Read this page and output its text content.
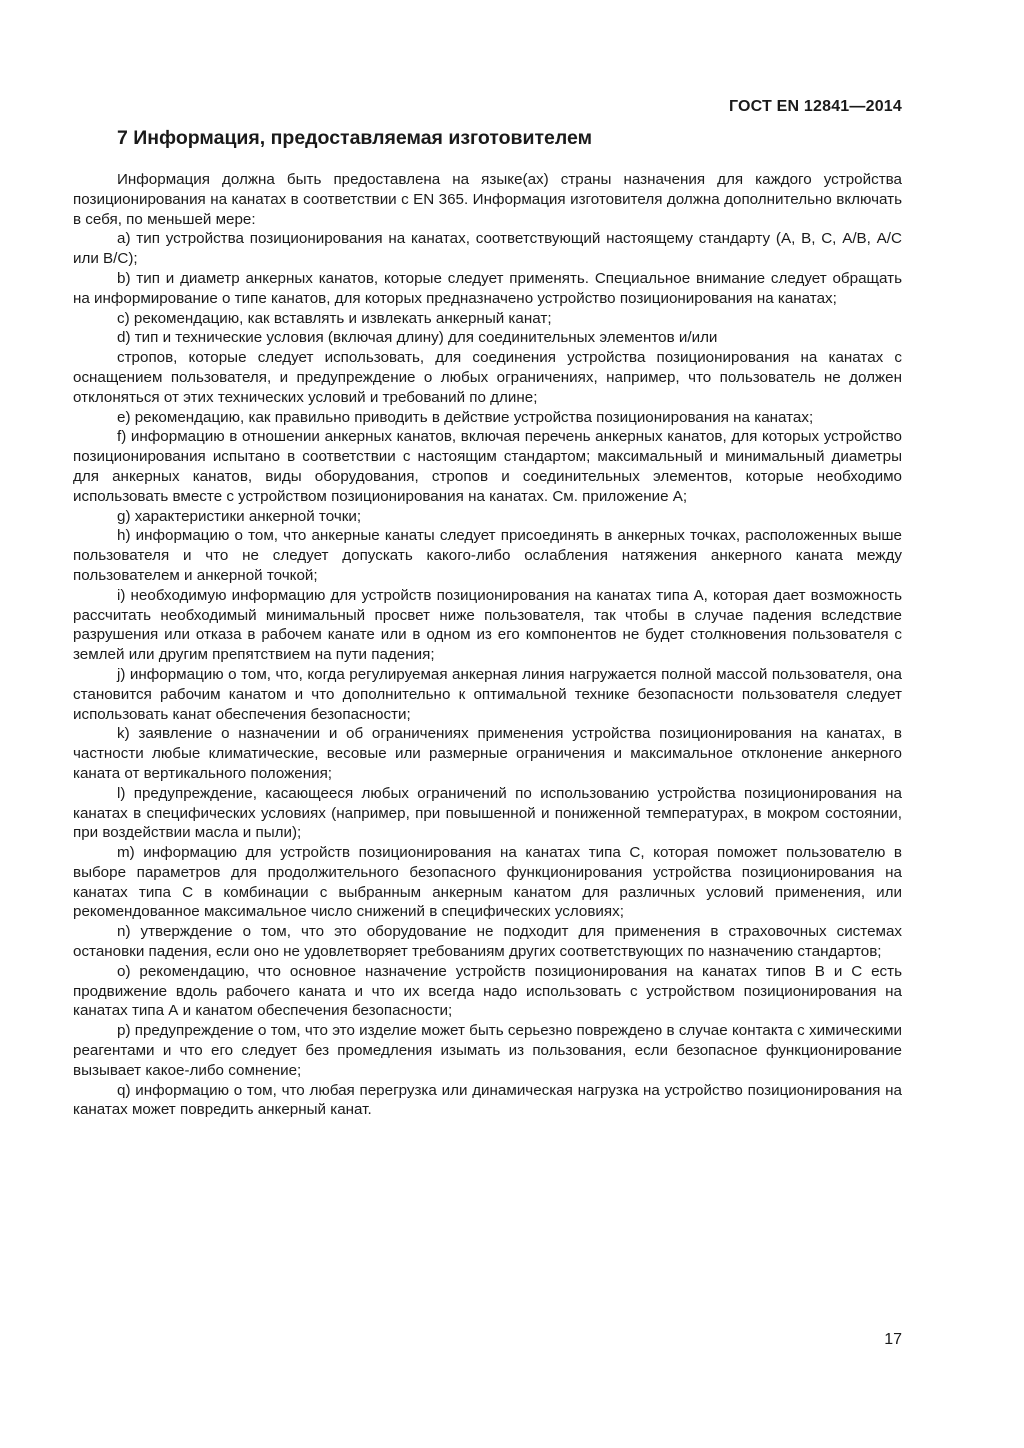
ГОСТ EN 12841—2014
7 Информация, предоставляемая изготовителем

Информация должна быть предоставлена на языке(ах) страны назначения для каждого устройства позиционирования на канатах в соответствии с EN 365. Информация изготовителя должна дополнительно включать в себя, по меньшей мере:

a) тип устройства позиционирования на канатах, соответствующий настоящему стандарту (А, В, С, А/В, А/С или В/С);

b) тип и диаметр анкерных канатов, которые следует применять. Специальное внимание следует обращать на информирование о типе канатов, для которых предназначено устройство позиционирования на канатах;

c) рекомендацию, как вставлять и извлекать анкерный канат;

d) тип и технические условия (включая длину) для соединительных элементов и/или

стропов, которые следует использовать, для соединения устройства позиционирования на канатах с оснащением пользователя, и предупреждение о любых ограничениях, например, что пользователь не должен отклоняться от этих технических условий и требований по длине;

e) рекомендацию, как правильно приводить в действие устройства позиционирования на канатах;

f) информацию в отношении анкерных канатов, включая перечень анкерных канатов, для которых устройство позиционирования испытано в соответствии с настоящим стандартом; максимальный и минимальный диаметры для анкерных канатов, виды оборудования, стропов и соединительных элементов, которые необходимо использовать вместе с устройством позиционирования на канатах. См. приложение А;

g) характеристики анкерной точки;

h) информацию о том, что анкерные канаты следует присоединять в анкерных точках, расположенных выше пользователя и что не следует допускать какого-либо ослабления натяжения анкерного каната между пользователем и анкерной точкой;

i) необходимую информацию для устройств позиционирования на канатах типа А, которая дает возможность рассчитать необходимый минимальный просвет ниже пользователя, так чтобы в случае падения вследствие разрушения или отказа в рабочем канате или в одном из его компонентов не будет столкновения пользователя с землей или другим препятствием на пути падения;

j) информацию о том, что, когда регулируемая анкерная линия нагружается полной массой пользователя, она становится рабочим канатом и что дополнительно к оптимальной технике безопасности пользователя следует использовать канат обеспечения безопасности;

k) заявление о назначении и об ограничениях применения устройства позиционирования на канатах, в частности любые климатические, весовые или размерные ограничения и максимальное отклонение анкерного каната от вертикального положения;

l) предупреждение, касающееся любых ограничений по использованию устройства позиционирования на канатах в специфических условиях (например, при повышенной и пониженной температурах, в мокром состоянии, при воздействии масла и пыли);

m) информацию для устройств позиционирования на канатах типа С, которая поможет пользователю в выборе параметров для продолжительного безопасного функционирования устройства позиционирования на канатах типа С в комбинации с выбранным анкерным канатом для различных условий применения, или рекомендованное максимальное число снижений в специфических условиях;

n) утверждение о том, что это оборудование не подходит для применения в страховочных системах остановки падения, если оно не удовлетворяет требованиям других соответствующих по назначению стандартов;

o) рекомендацию, что основное назначение устройств позиционирования на канатах типов В и С есть продвижение вдоль рабочего каната и что их всегда надо использовать с устройством позиционирования на канатах типа А и канатом обеспечения безопасности;

p) предупреждение о том, что это изделие может быть серьезно повреждено в случае контакта с химическими реагентами и что его следует без промедления изымать из пользования, если безопасное функционирование вызывает какое-либо сомнение;

q) информацию о том, что любая перегрузка или динамическая нагрузка на устройство позиционирования на канатах может повредить анкерный канат.

17
